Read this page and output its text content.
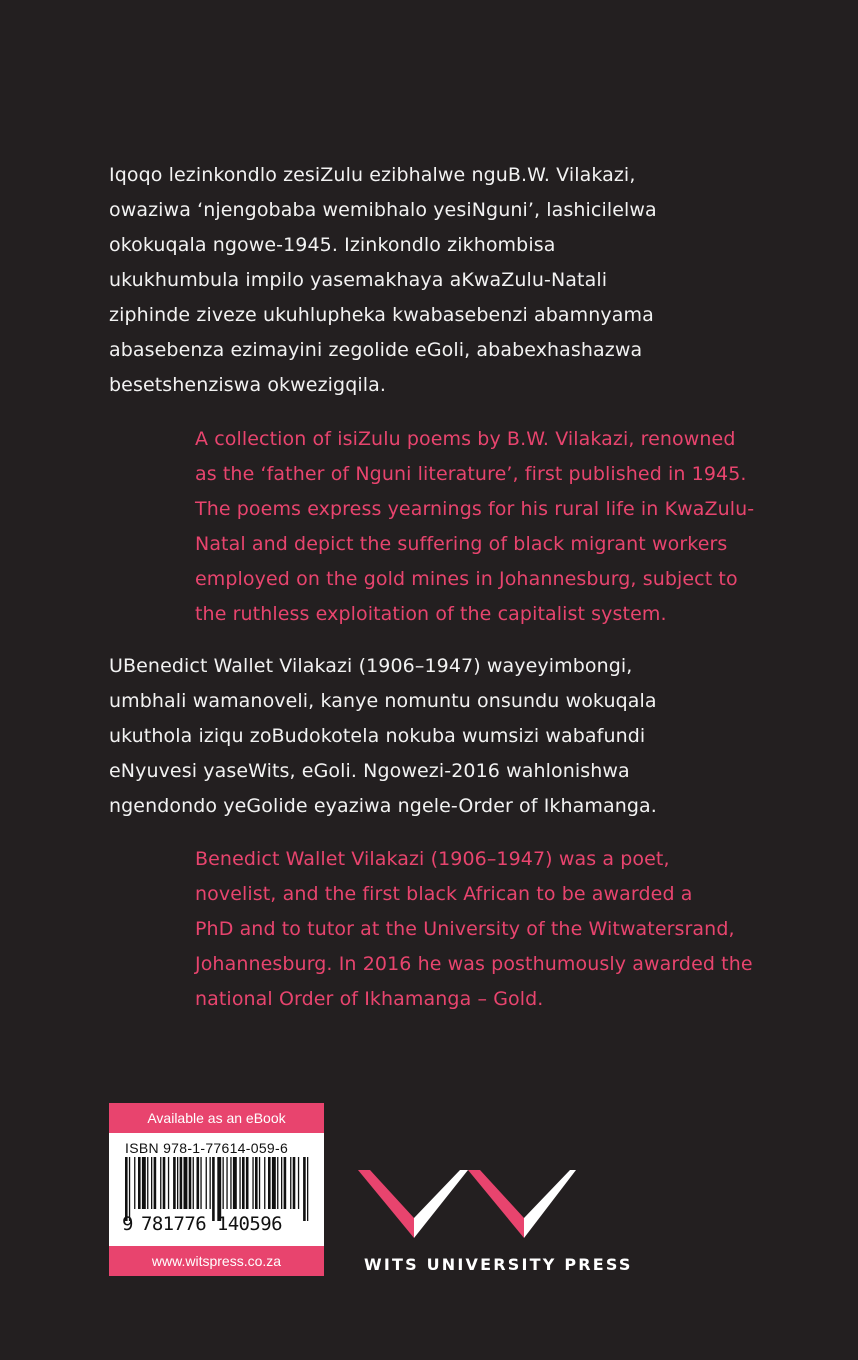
Iqoqo lezinkondlo zesiZulu ezibhalwe nguB.W. Vilakazi,
owaziwa ‘njengobaba wemibhalo yesiNguni’, lashicilelwa
okokuqala ngowe-1945. Izinkondlo zikhombisa
ukukhumbula impilo yasemakhaya aKwaZulu-Natali
ziphinde ziveze ukuhlupheka kwabasebenzi abamnyama
abasebenza ezimayini zegolide eGoli, ababexhashazwa
besetshenziswa okwezigqila.
A collection of isiZulu poems by B.W. Vilakazi, renowned
as the ‘father of Nguni literature’, first published in 1945.
The poems express yearnings for his rural life in KwaZulu-
Natal and depict the suffering of black migrant workers
employed on the gold mines in Johannesburg, subject to
the ruthless exploitation of the capitalist system.
UBenedict Wallet Vilakazi (1906–1947) wayeyimbongi,
umbhali wamanoveli, kanye nomuntu onsundu wokuqala
ukuthola iziqu zoBudokotela nokuba wumsizi wabafundi
eNyuvesi yaseWits, eGoli. Ngowezi-2016 wahlonishwa
ngendondo yeGolide eyaziwa ngele-Order of Ikhamanga.
Benedict Wallet Vilakazi (1906–1947) was a poet,
novelist, and the first black African to be awarded a
PhD and to tutor at the University of the Witwatersrand,
Johannesburg. In 2016 he was posthumously awarded the
national Order of Ikhamanga – Gold.
Available as an eBook
ISBN 978-1-77614-059-6
9 781776 140596
www.witspress.co.za	WITS UNIVERSITY PRESS
